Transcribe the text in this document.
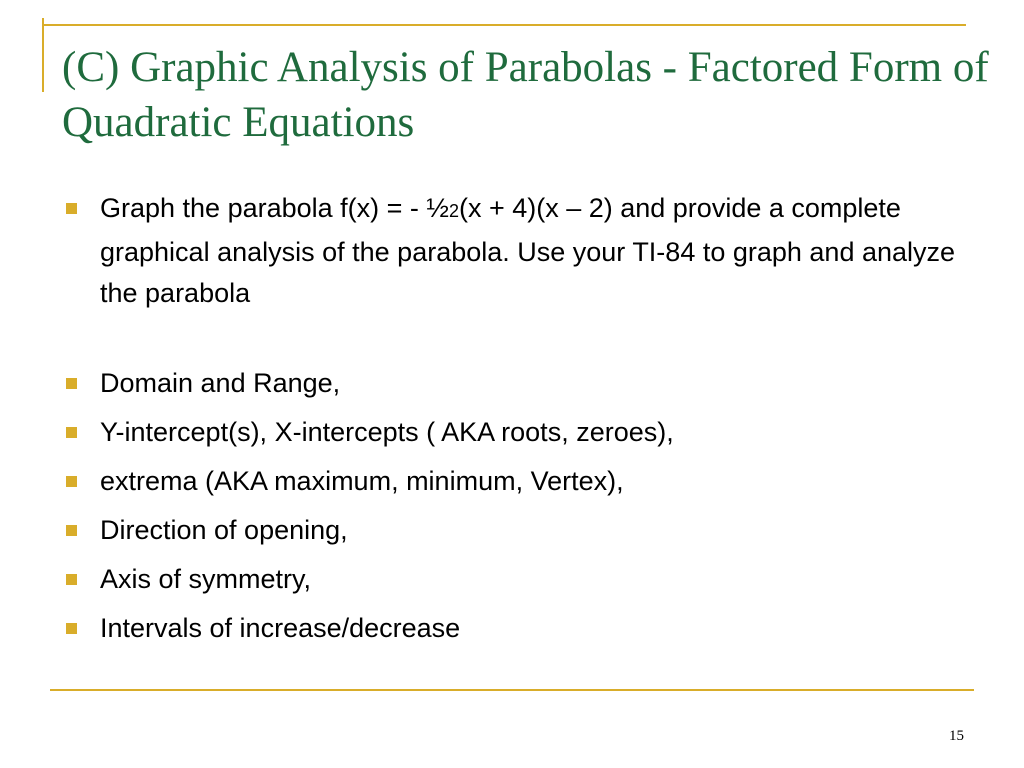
(C) Graphic Analysis of Parabolas - Factored Form of Quadratic Equations
Graph the parabola f(x) = - ½2(x + 4)(x – 2) and provide a complete graphical analysis of the parabola. Use your TI-84 to graph and analyze the parabola
Domain and Range,
Y-intercept(s), X-intercepts ( AKA roots, zeroes),
extrema (AKA maximum, minimum, Vertex),
Direction of opening,
Axis of symmetry,
Intervals of increase/decrease
15
